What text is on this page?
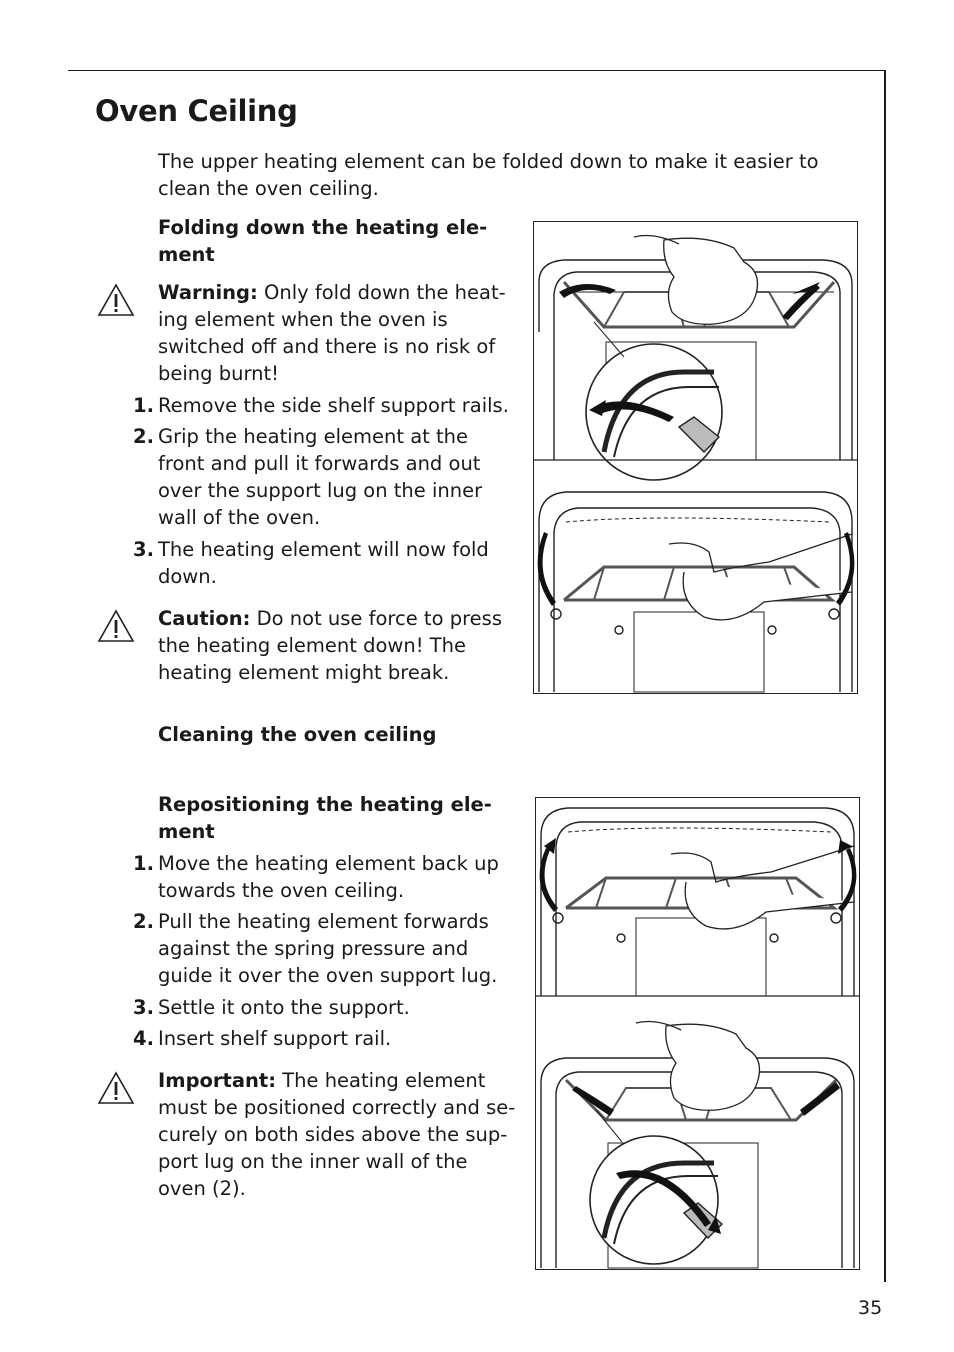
Oven Ceiling
The upper heating element can be folded down to make it easier to clean the oven ceiling.
Folding down the heating ele-ment
Warning: Only fold down the heat-ing element when the oven is switched off and there is no risk of being burnt!
1. Remove the side shelf support rails.
2. Grip the heating element at the front and pull it forwards and out over the support lug on the inner wall of the oven.
3. The heating element will now fold down.
Caution: Do not use force to press the heating element down! The heating element might break.
Cleaning the oven ceiling
Repositioning the heating ele-ment
1. Move the heating element back up towards the oven ceiling.
2. Pull the heating element forwards against the spring pressure and guide it over the oven support lug.
3. Settle it onto the support.
4. Insert shelf support rail.
Important: The heating element must be positioned correctly and se-curely on both sides above the sup-port lug on the inner wall of the oven (2).
35
